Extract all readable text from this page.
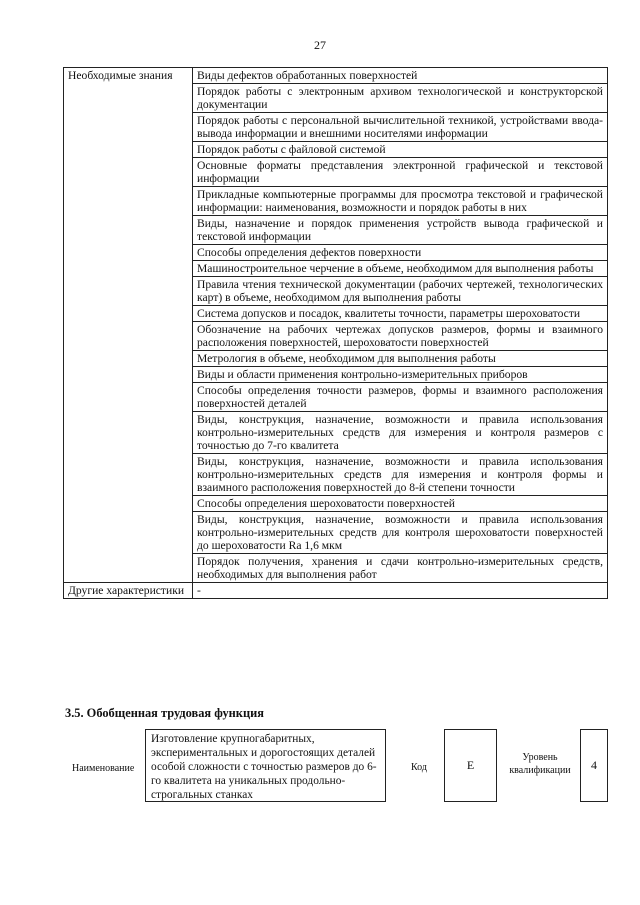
27
Необходимые знания	Виды дефектов обработанных поверхностей
	Порядок работы с электронным архивом технологической и конструкторской документации
	Порядок работы с персональной вычислительной техникой, устройствами ввода-вывода информации и внешними носителями информации
	Порядок работы с файловой системой
	Основные форматы представления электронной графической и текстовой информации
	Прикладные компьютерные программы для просмотра текстовой и графической информации: наименования, возможности и порядок работы в них
	Виды, назначение и порядок применения устройств вывода графической и текстовой информации
	Способы определения дефектов поверхности
	Машиностроительное черчение в объеме, необходимом для выполнения работы
	Правила чтения технической документации (рабочих чертежей, технологических карт) в объеме, необходимом для выполнения работы
	Система допусков и посадок, квалитеты точности, параметры шероховатости
	Обозначение на рабочих чертежах допусков размеров, формы и взаимного расположения поверхностей, шероховатости поверхностей
	Метрология в объеме, необходимом для выполнения работы
	Виды и области применения контрольно-измерительных приборов
	Способы определения точности размеров, формы и взаимного расположения поверхностей деталей
	Виды, конструкция, назначение, возможности и правила использования контрольно-измерительных средств для измерения и контроля размеров с точностью до 7-го квалитета
	Виды, конструкция, назначение, возможности и правила использования контрольно-измерительных средств для измерения и контроля формы и взаимного расположения поверхностей до 8-й степени точности
	Способы определения шероховатости поверхностей
	Виды, конструкция, назначение, возможности и правила использования контрольно-измерительных средств для контроля шероховатости поверхностей до шероховатости Ra 1,6 мкм
	Порядок получения, хранения и сдачи контрольно-измерительных средств, необходимых для выполнения работ
Другие характеристики	-
3.5. Обобщенная трудовая функция
Наименование
Изготовление крупногабаритных, экспериментальных и дорогостоящих деталей особой сложности с точностью размеров до 6-го квалитета на уникальных продольно-строгальных станках
Код	E
Уровень квалификации	4
